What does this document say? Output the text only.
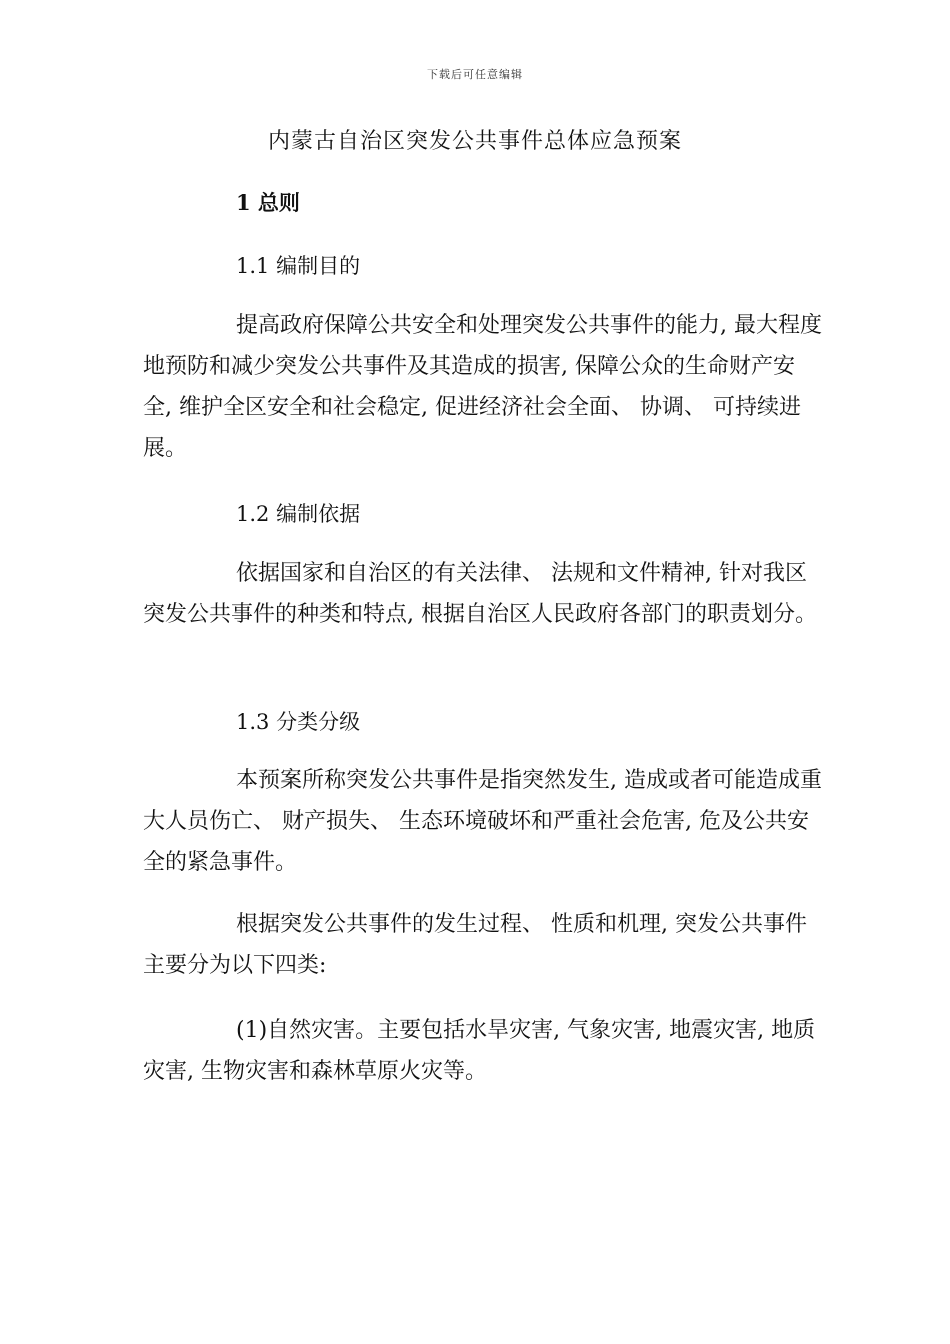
下载后可任意编辑
内蒙古自治区突发公共事件总体应急预案
1 总则
1.1 编制目的
提高政府保障公共安全和处理突发公共事件的能力, 最大程度地预防和减少突发公共事件及其造成的损害, 保障公众的生命财产安全, 维护全区安全和社会稳定, 促进经济社会全面、 协调、 可持续进展。
1.2 编制依据
依据国家和自治区的有关法律、 法规和文件精神, 针对我区突发公共事件的种类和特点, 根据自治区人民政府各部门的职责划分。
1.3 分类分级
本预案所称突发公共事件是指突然发生, 造成或者可能造成重大人员伤亡、 财产损失、 生态环境破坏和严重社会危害, 危及公共安全的紧急事件。
根据突发公共事件的发生过程、 性质和机理, 突发公共事件主要分为以下四类:
(1)自然灾害。主要包括水旱灾害, 气象灾害, 地震灾害, 地质灾害, 生物灾害和森林草原火灾等。
